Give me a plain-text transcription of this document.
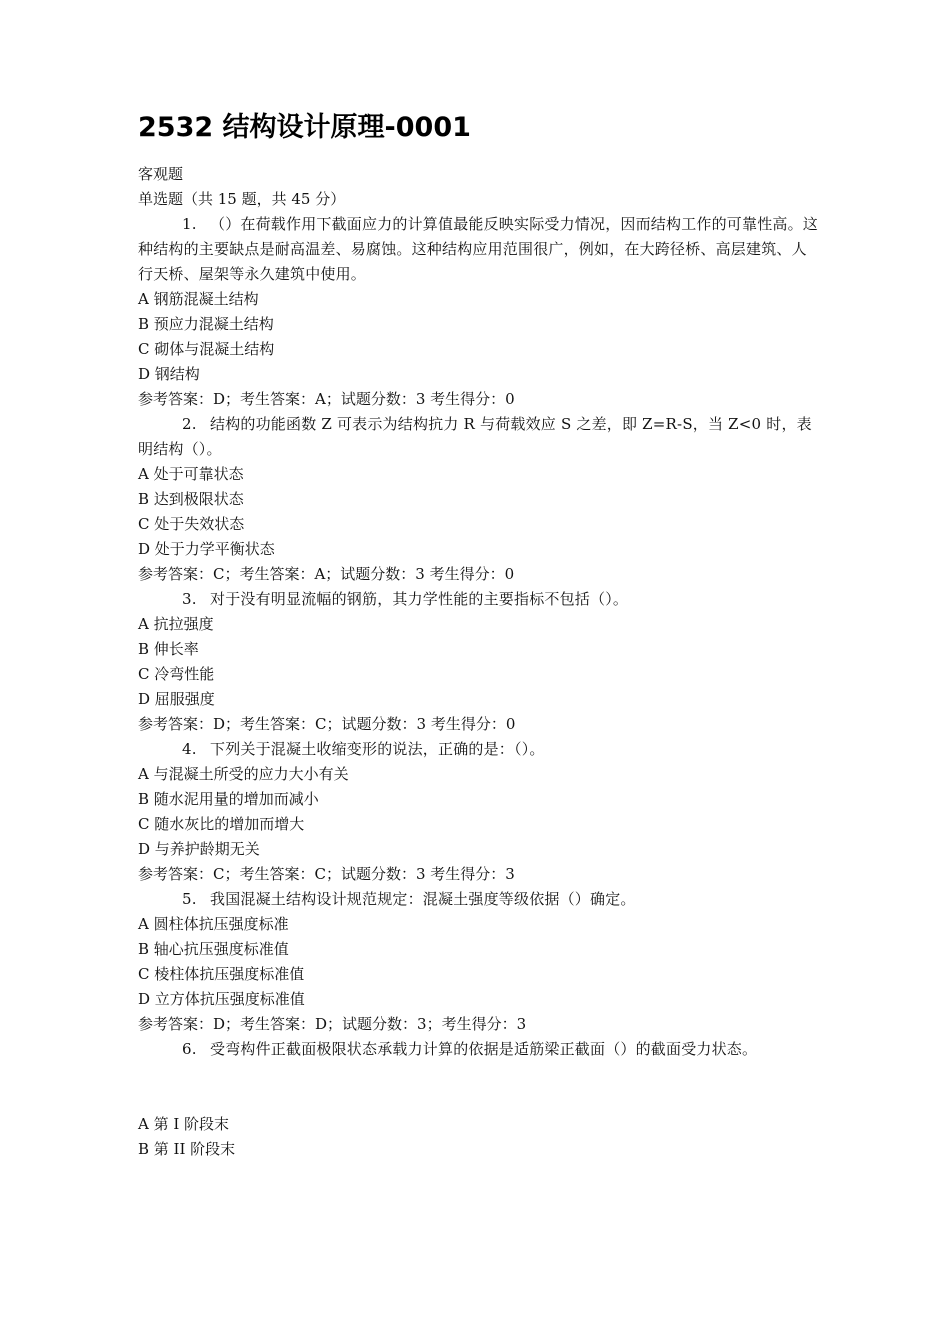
2532 结构设计原理-0001
客观题
单选题（共 15 题，共 45 分）
1. （）在荷载作用下截面应力的计算值最能反映实际受力情况，因而结构工作的可靠性高。这种结构的主要缺点是耐高温差、易腐蚀。这种结构应用范围很广，例如，在大跨径桥、高层建筑、人行天桥、屋架等永久建筑中使用。
A 钢筋混凝土结构
B 预应力混凝土结构
C 砌体与混凝土结构
D 钢结构
参考答案：D；考生答案：A；试题分数：3 考生得分：0
2. 结构的功能函数 Z 可表示为结构抗力 R 与荷载效应 S 之差，即 Z=R-S，当 Z<0 时，表明结构（）。
A 处于可靠状态
B 达到极限状态
C 处于失效状态
D 处于力学平衡状态
参考答案：C；考生答案：A；试题分数：3 考生得分：0
3. 对于没有明显流幅的钢筋，其力学性能的主要指标不包括（）。
A 抗拉强度
B 伸长率
C 冷弯性能
D 屈服强度
参考答案：D；考生答案：C；试题分数：3 考生得分：0
4. 下列关于混凝土收缩变形的说法，正确的是：（）。
A 与混凝土所受的应力大小有关
B 随水泥用量的增加而减小
C 随水灰比的增加而增大
D 与养护龄期无关
参考答案：C；考生答案：C；试题分数：3 考生得分：3
5. 我国混凝土结构设计规范规定：混凝土强度等级依据（）确定。
A 圆柱体抗压强度标准
B 轴心抗压强度标准值
C 棱柱体抗压强度标准值
D 立方体抗压强度标准值
参考答案：D；考生答案：D；试题分数：3；考生得分：3
6. 受弯构件正截面极限状态承载力计算的依据是适筋梁正截面（）的截面受力状态。
A 第 I 阶段末
B 第 II 阶段末
